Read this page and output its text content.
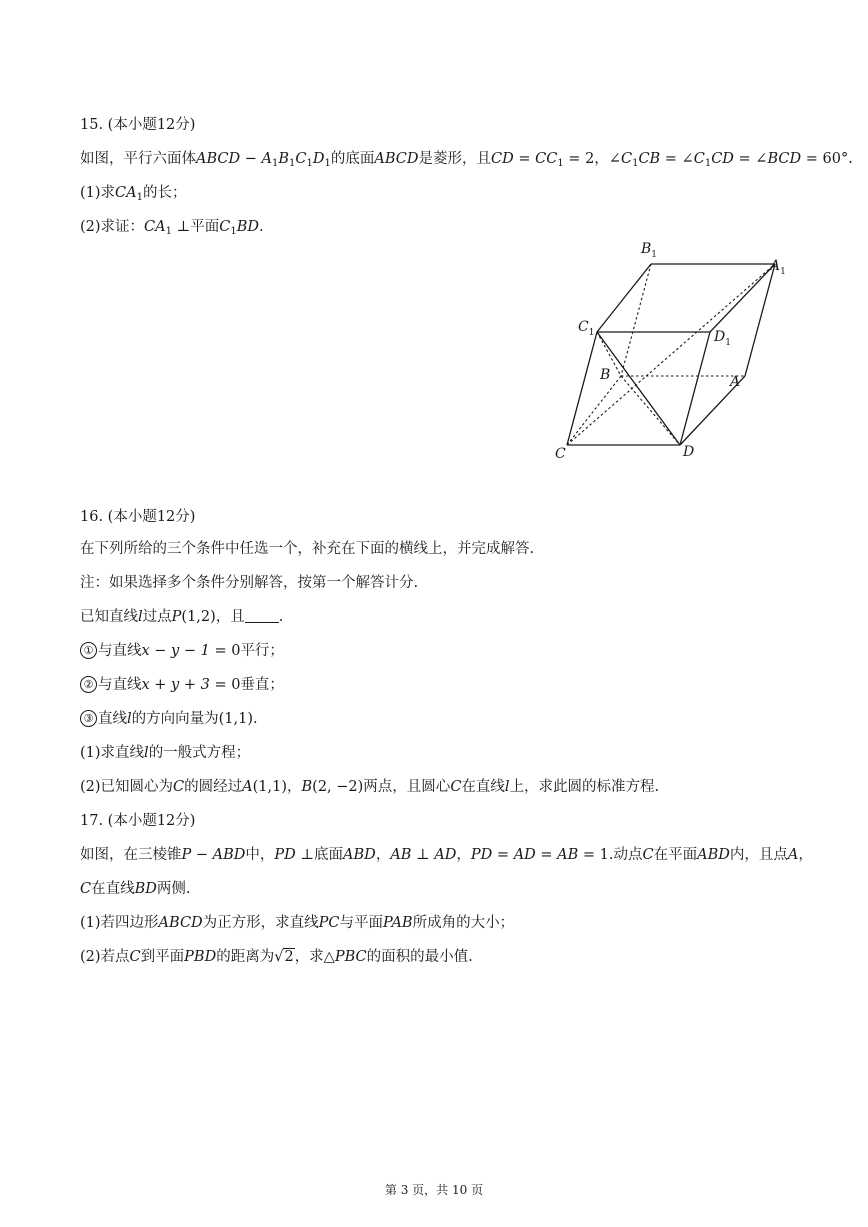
15. (本小题12分)
如图，平行六面体ABCD − $A_1B_1C_1D_1$的底面ABCD是菱形，且CD = $CC_1 = 2$，$\angle C_1CB$ = $\angle C_1CD$ = ∠BCD = 60°.
(1)求$CA_1$的长；
(2)求证：$CA_1$ ⊥平面$C_1BD$.
$B_1$
$A_1$
$C_1$	$D_1$
B	A
C	D
16. (本小题12分)
在下列所给的三个条件中任选一个，补充在下面的横线上，并完成解答.
注：如果选择多个条件分别解答，按第一个解答计分.
已知直线l过点P(1,2)，且 .
① 与直线x − y − 1 = 0平行；
② 与直线x + y + 3 = 0垂直；
③ 直线l的方向向量为(1,1).
(1)求直线l的一般式方程；
(2)已知圆心为C的圆经过A(1,1)，B(2, −2)两点，且圆心C在直线l上，求此圆的标准方程.
17. (本小题12分)
如图，在三棱锥P − ABD中，PD ⊥底面ABD，AB ⊥ AD，PD = AD = AB = 1.动点C在平面ABD内，且点A，
C在直线BD两侧.
(1)若四边形ABCD为正方形，求直线PC与平面PAB所成角的大小；
(2)若点C到平面PBD的距离为√2，求△PBC的面积的最小值.
第 3 页，共 10 页
